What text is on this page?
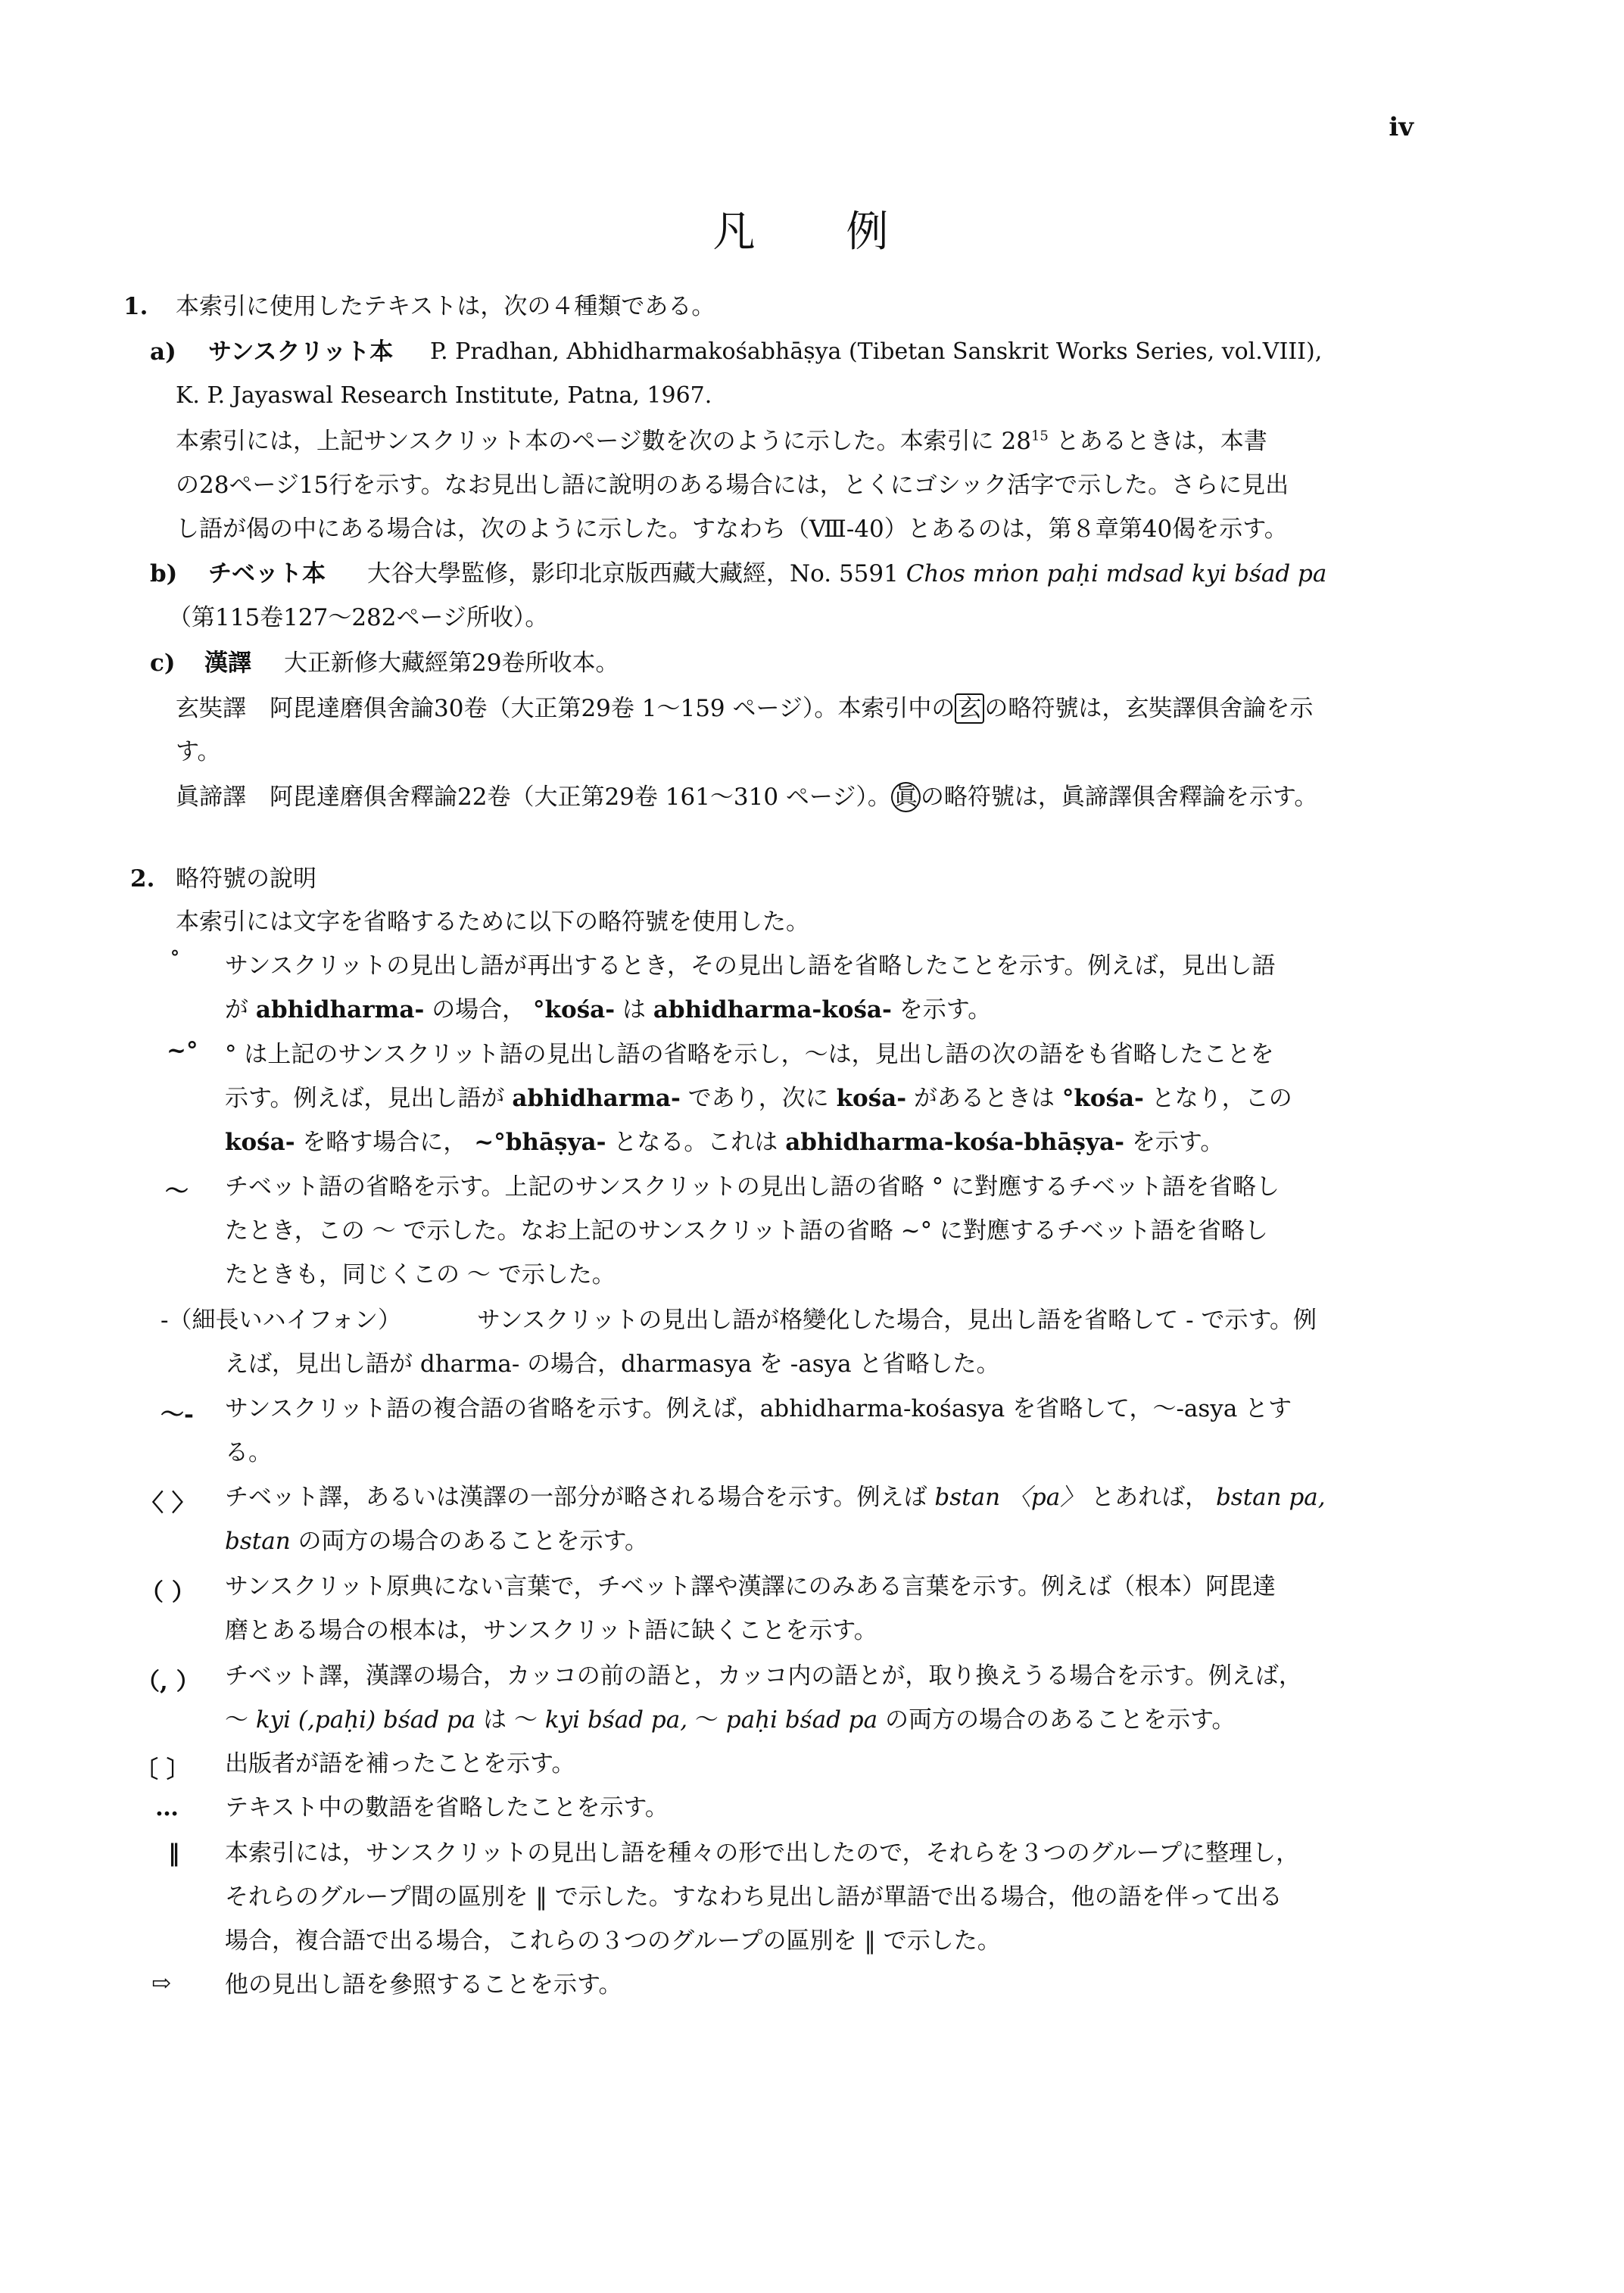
iv
凡例
1. 本索引に使用したテキストは，次の４種類である。
a) サンスクリット本 P. Pradhan, Abhidharmakośabhāṣya (Tibetan Sanskrit Works Series, vol.VIII),
K. P. Jayaswal Research Institute, Patna, 1967.
本索引には，上記サンスクリット本のページ數を次のように示した。本索引に $28^{15}$ とあるときは，本書
の28ページ15行を示す。なお見出し語に說明のある場合には，とくにゴシック活字で示した。さらに見出
し語が偈の中にある場合は，次のように示した。すなわち（Ⅷ-40）とあるのは，第８章第40偈を示す。
b) チベット本 大谷大學監修，影印北京版西藏大藏經，No. 5591 Chos mṅon paḥi mdsad kyi bśad pa
（第115卷127～282ページ所收）。
c) 漢譯 大正新修大藏經第29卷所收本。
玄奘譯　阿毘達磨俱舍論30卷（大正第29卷 1～159 ページ）。本索引中の 玄 の略符號は，玄奘譯俱舍論を示
す。
眞諦譯　阿毘達磨俱舍釋論22卷（大正第29卷 161～310 ページ）。 眞 の略符號は，眞諦譯俱舍釋論を示す。
2. 略符號の說明
本索引には文字を省略するために以下の略符號を使用した。
° サンスクリットの見出し語が再出するとき，その見出し語を省略したことを示す。例えば，見出し語
が abhidharma- の場合， °kośa- は abhidharma-kośa- を示す。
~° ° は上記のサンスクリット語の見出し語の省略を示し，～は，見出し語の次の語をも省略したことを
示す。例えば，見出し語が abhidharma- であり，次に kośa- があるときは °kośa- となり，この
kośa- を略す場合に， ~°bhāṣya- となる。これは abhidharma-kośa-bhāṣya- を示す。
～ チベット語の省略を示す。上記のサンスクリットの見出し語の省略 ° に對應するチベット語を省略し
たとき，この ～ で示した。なお上記のサンスクリット語の省略 ~° に對應するチベット語を省略し
たときも，同じくこの ～ で示した。
-（細長いハイフォン）	サンスクリットの見出し語が格變化した場合，見出し語を省略して - で示す。例
えば，見出し語が dharma- の場合，dharmasya を -asya と省略した。
～- サンスクリット語の複合語の省略を示す。例えば，abhidharma-kośasya を省略して，～-asya とす
る。
〈 〉 チベット譯，あるいは漢譯の一部分が略される場合を示す。例えば bstan 〈pa〉 とあれば， bstan pa,
bstan の両方の場合のあることを示す。
（ ） サンスクリット原典にない言葉で，チベット譯や漢譯にのみある言葉を示す。例えば（根本）阿毘達
磨とある場合の根本は，サンスクリット語に缺くことを示す。
（, ） チベット譯，漢譯の場合，カッコの前の語と，カッコ内の語とが，取り換えうる場合を示す。例えば，
～ kyi (,paḥi) bśad pa は ～ kyi bśad pa, ～ paḥi bśad pa の両方の場合のあることを示す。
〔 〕 出版者が語を補ったことを示す。
… テキスト中の數語を省略したことを示す。
‖ 本索引には，サンスクリットの見出し語を種々の形で出したので，それらを３つのグループに整理し，
それらのグループ間の區別を ‖ で示した。すなわち見出し語が單語で出る場合，他の語を伴って出る
場合，複合語で出る場合，これらの３つのグループの區別を ‖ で示した。
⇨ 他の見出し語を參照することを示す。
